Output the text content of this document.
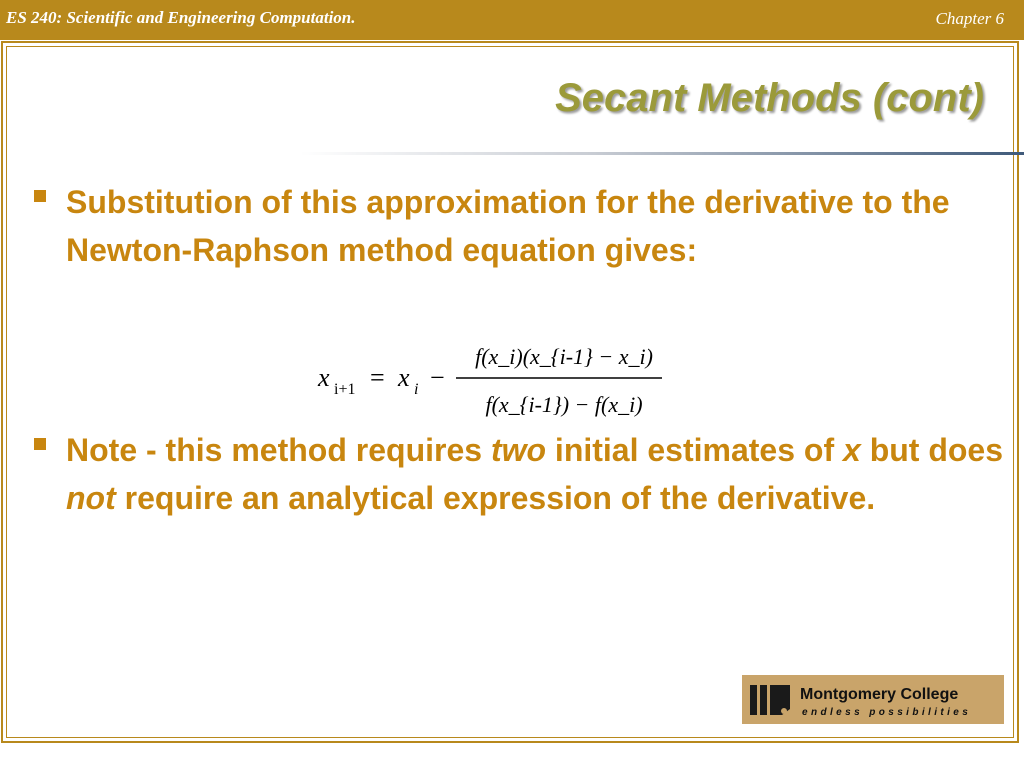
ES 240: Scientific and Engineering Computation.	Chapter 6
Secant Methods (cont)

Substitution of this approximation for the derivative to the Newton-Raphson method equation gives:

x i+1 = x i −
f(x_i)(x_{i-1} − x_i)
f(x_{i-1}) − f(x_i)

Note - this method requires two initial estimates of x but does not require an analytical expression of the derivative.

Montgomery College
endless possibilities
